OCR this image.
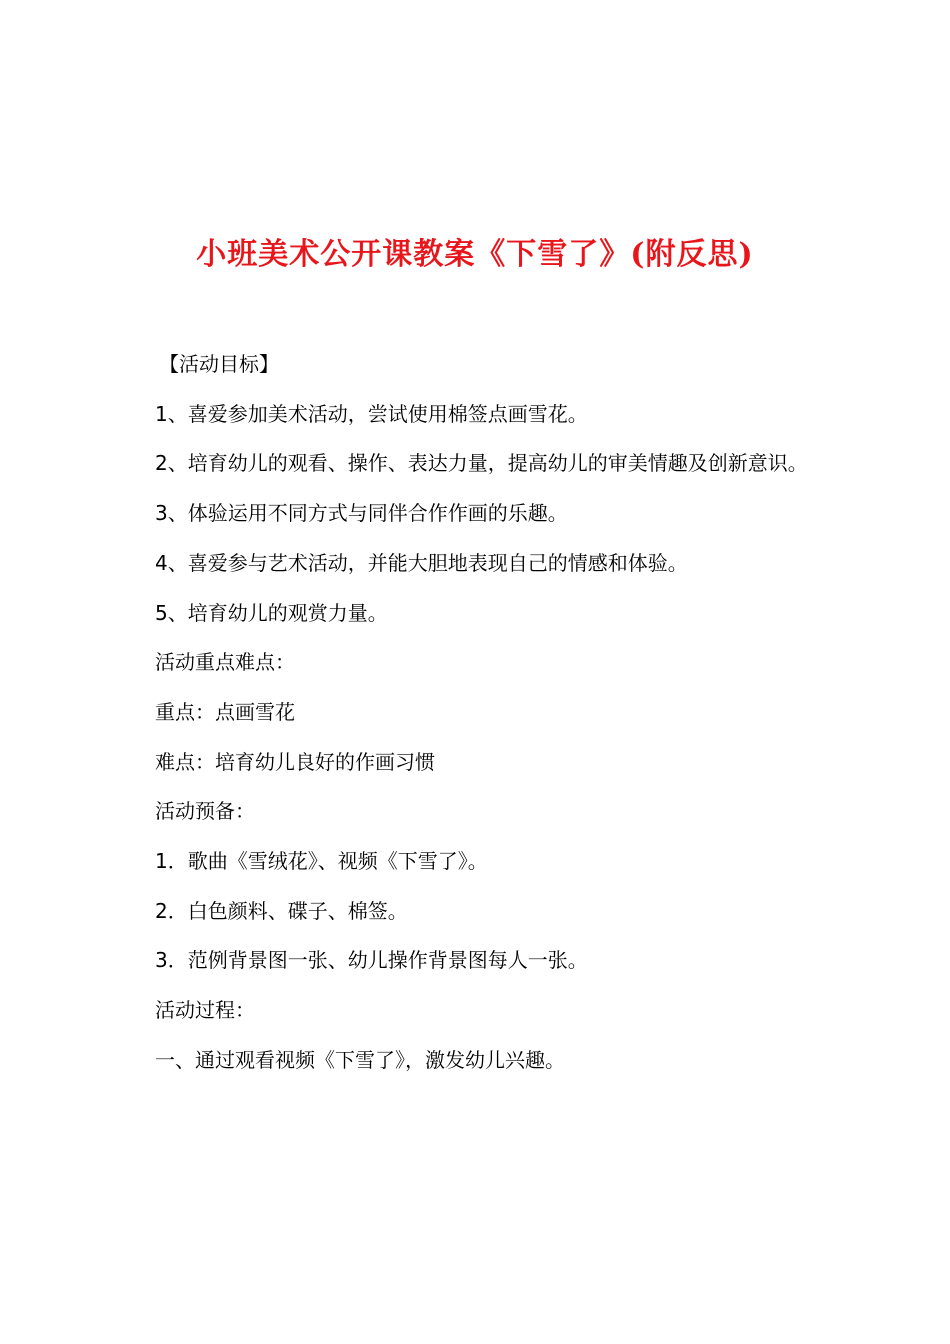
小班美术公开课教案《下雪了》(附反思)

【活动目标】

1、喜爱参加美术活动，尝试使用棉签点画雪花。

2、培育幼儿的观看、操作、表达力量，提高幼儿的审美情趣及创新意识。

3、体验运用不同方式与同伴合作作画的乐趣。

4、喜爱参与艺术活动，并能大胆地表现自己的情感和体验。

5、培育幼儿的观赏力量。

活动重点难点：

重点：点画雪花

难点：培育幼儿良好的作画习惯

活动预备：

1．歌曲《雪绒花》、视频《下雪了》。

2．白色颜料、碟子、棉签。

3．范例背景图一张、幼儿操作背景图每人一张。

活动过程：

一、通过观看视频《下雪了》，激发幼儿兴趣。
